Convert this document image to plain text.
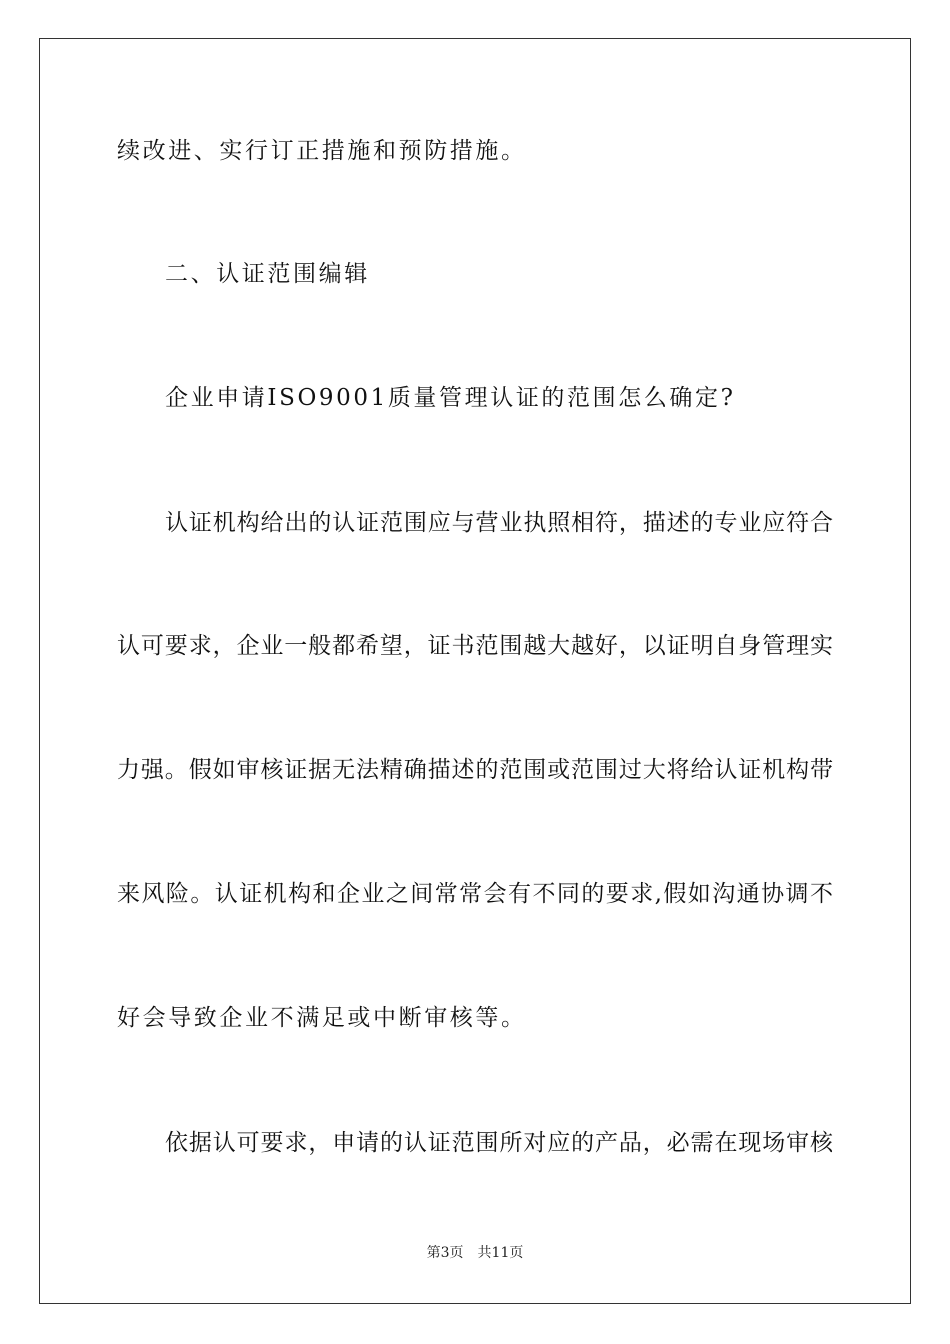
续改进、实行订正措施和预防措施。
二、认证范围编辑
企业申请ISO9001质量管理认证的范围怎么确定?
认证机构给出的认证范围应与营业执照相符，描述的专业应符合
认可要求，企业一般都希望，证书范围越大越好，以证明自身管理实
力强。假如审核证据无法精确描述的范围或范围过大将给认证机构带
来风险。认证机构和企业之间常常会有不同的要求,假如沟通协调不
好会导致企业不满足或中断审核等。
依据认可要求，申请的认证范围所对应的产品，必需在现场审核
第3页 共11页
